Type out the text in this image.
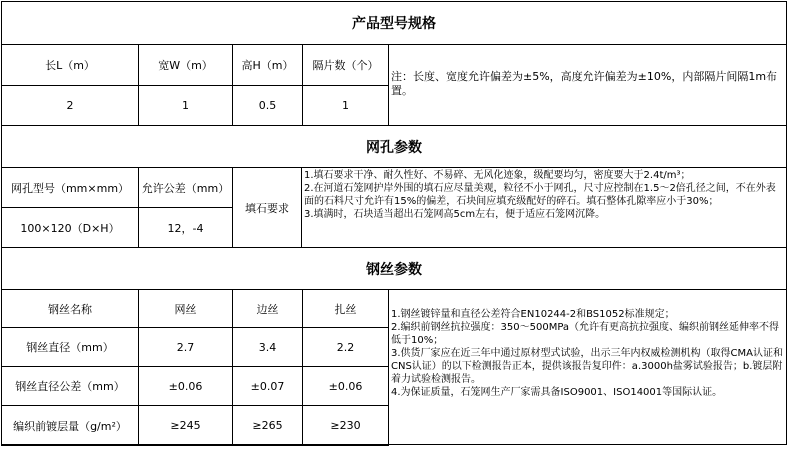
产品型号规格
长L（m）	宽W（m）	高H（m）	隔片数（个）
2	1	0.5	1
注：长度、宽度允许偏差为±5%，高度允许偏差为±10%，内部隔片间隔1m布置。
网孔参数
网孔型号（mm×mm）	允许公差（mm）	填石要求
100×120（D×H）	12，-4	

1.填石要求干净、耐久性好、不易碎、无风化迹象，级配要均匀，密度要大于2.4t/m³；

2.在河道石笼网护岸外围的填石应尽量美观，粒径不小于网孔，尺寸应控制在1.5～2倍孔径之间，不在外表面的石料尺寸允许有15%的偏差，石块间应填充级配好的碎石。填石整体孔隙率应小于30%；

3.填满时，石块适当超出石笼网高5cm左右，便于适应石笼网沉降。

钢丝参数
钢丝名称	网丝	边丝	扎丝
钢丝直径（mm）	2.7	3.4	2.2
钢丝直径公差（mm）	±0.06	±0.07	±0.06
编织前镀层量（g/m²）	≥245	≥265	≥230

1.钢丝镀锌量和直径公差符合EN10244-2和BS1052标准规定；

2.编织前钢丝抗拉强度：350～500MPa（允许有更高抗拉强度、编织前钢丝延伸率不得低于10%；

3.供货厂家应在近三年中通过原材型式试验，出示三年内权威检测机构（取得CMA认证和CNS认证）的以下检测报告正本，提供该报告复印件：a.3000h盐雾试验报告；b.镀层附着力试验检测报告。

4.为保证质量，石笼网生产厂家需具备ISO9001、ISO14001等国际认证。
